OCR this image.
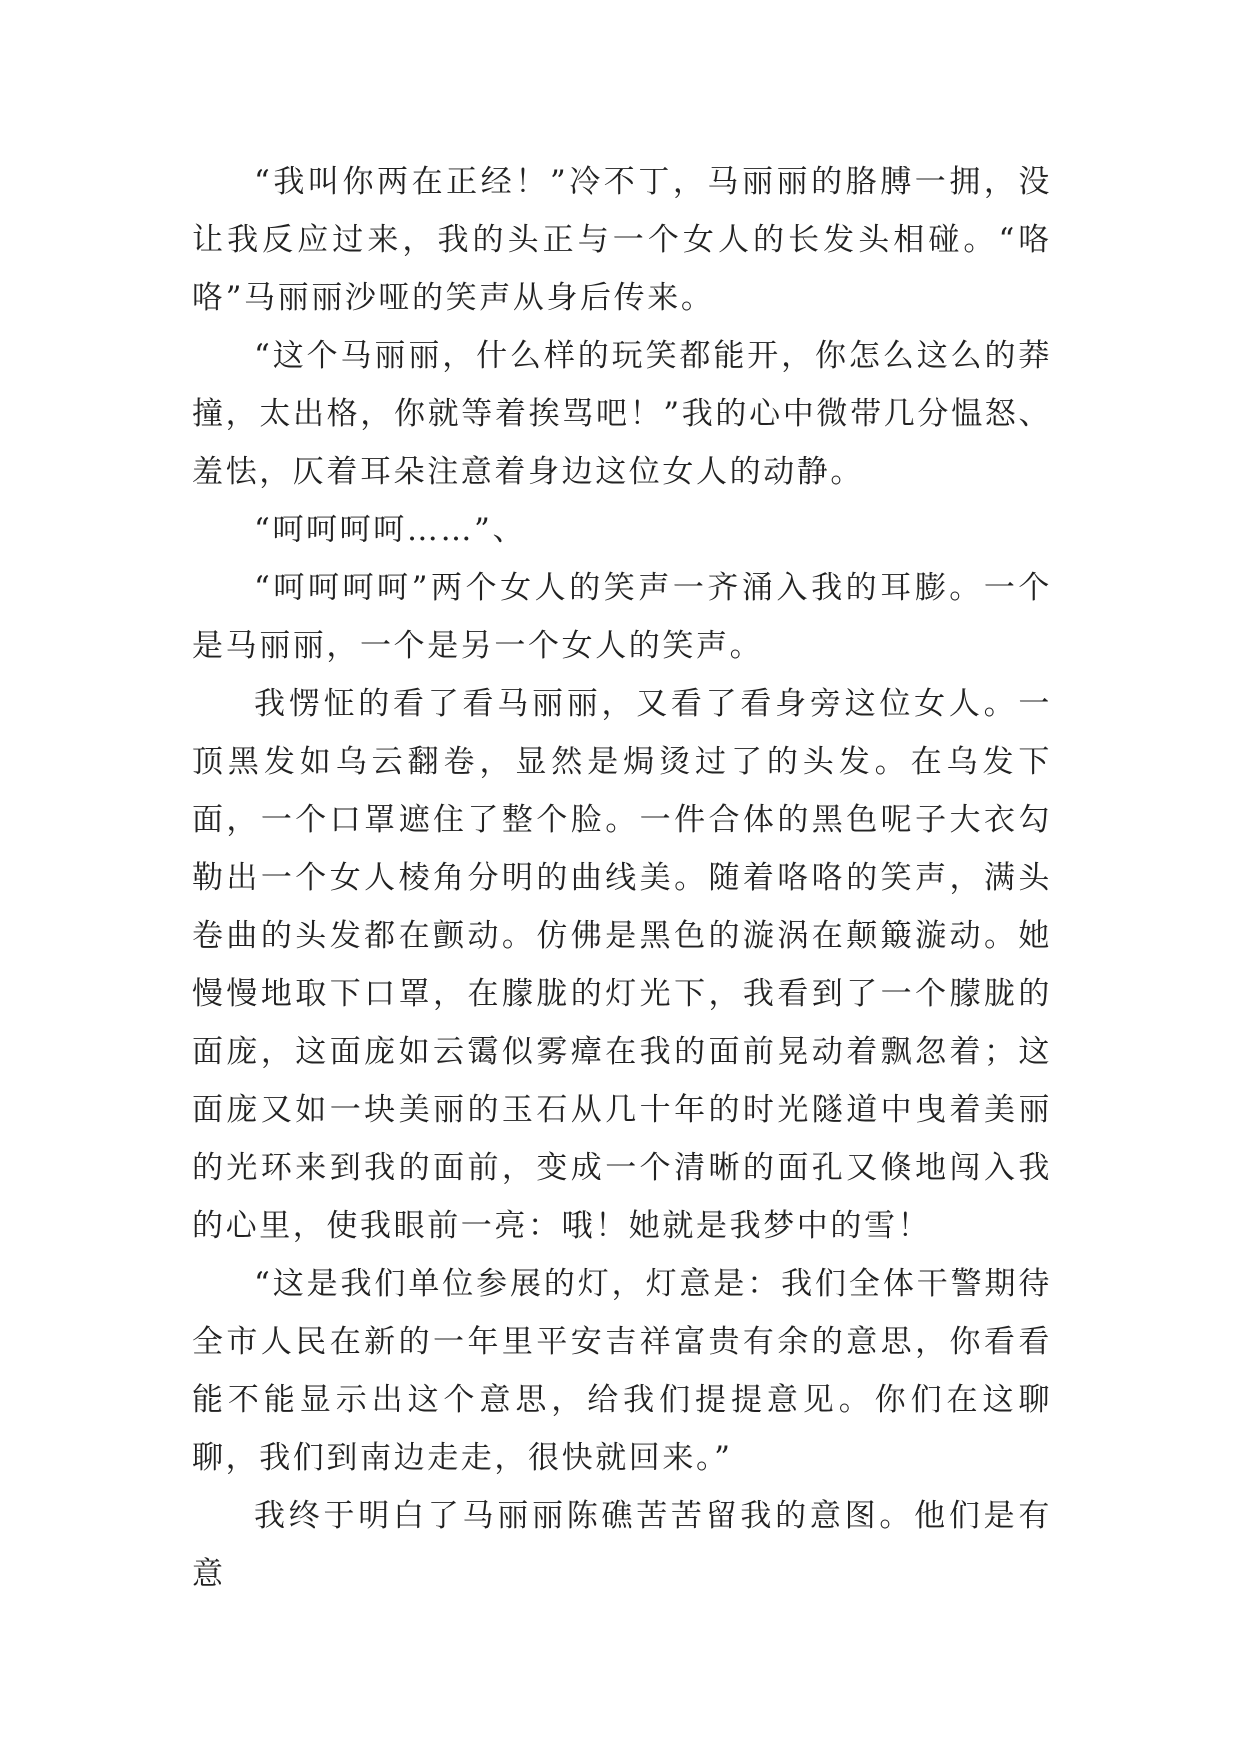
“我叫你两在正经！”冷不丁，马丽丽的胳膊一拥，没让我反应过来，我的头正与一个女人的长发头相碰。“咯咯”马丽丽沙哑的笑声从身后传来。

“这个马丽丽，什么样的玩笑都能开，你怎么这么的莽撞，太出格，你就等着挨骂吧！”我的心中微带几分愠怒、羞怯，仄着耳朵注意着身边这位女人的动静。

“呵呵呵呵……”、

“呵呵呵呵”两个女人的笑声一齐涌入我的耳膨。一个是马丽丽，一个是另一个女人的笑声。

我愣怔的看了看马丽丽，又看了看身旁这位女人。一顶黑发如乌云翻卷，显然是焗烫过了的头发。在乌发下面，一个口罩遮住了整个脸。一件合体的黑色呢子大衣勾勒出一个女人棱角分明的曲线美。随着咯咯的笑声，满头卷曲的头发都在颤动。仿佛是黑色的漩涡在颠簸漩动。她慢慢地取下口罩，在朦胧的灯光下，我看到了一个朦胧的面庞，这面庞如云霭似雾瘴在我的面前晃动着飘忽着；这面庞又如一块美丽的玉石从几十年的时光隧道中曳着美丽的光环来到我的面前，变成一个清晰的面孔又倏地闯入我的心里，使我眼前一亮：哦！她就是我梦中的雪！

“这是我们单位参展的灯，灯意是：我们全体干警期待全市人民在新的一年里平安吉祥富贵有余的意思，你看看能不能显示出这个意思，给我们提提意见。你们在这聊聊，我们到南边走走，很快就回来。”

我终于明白了马丽丽陈礁苦苦留我的意图。他们是有意
